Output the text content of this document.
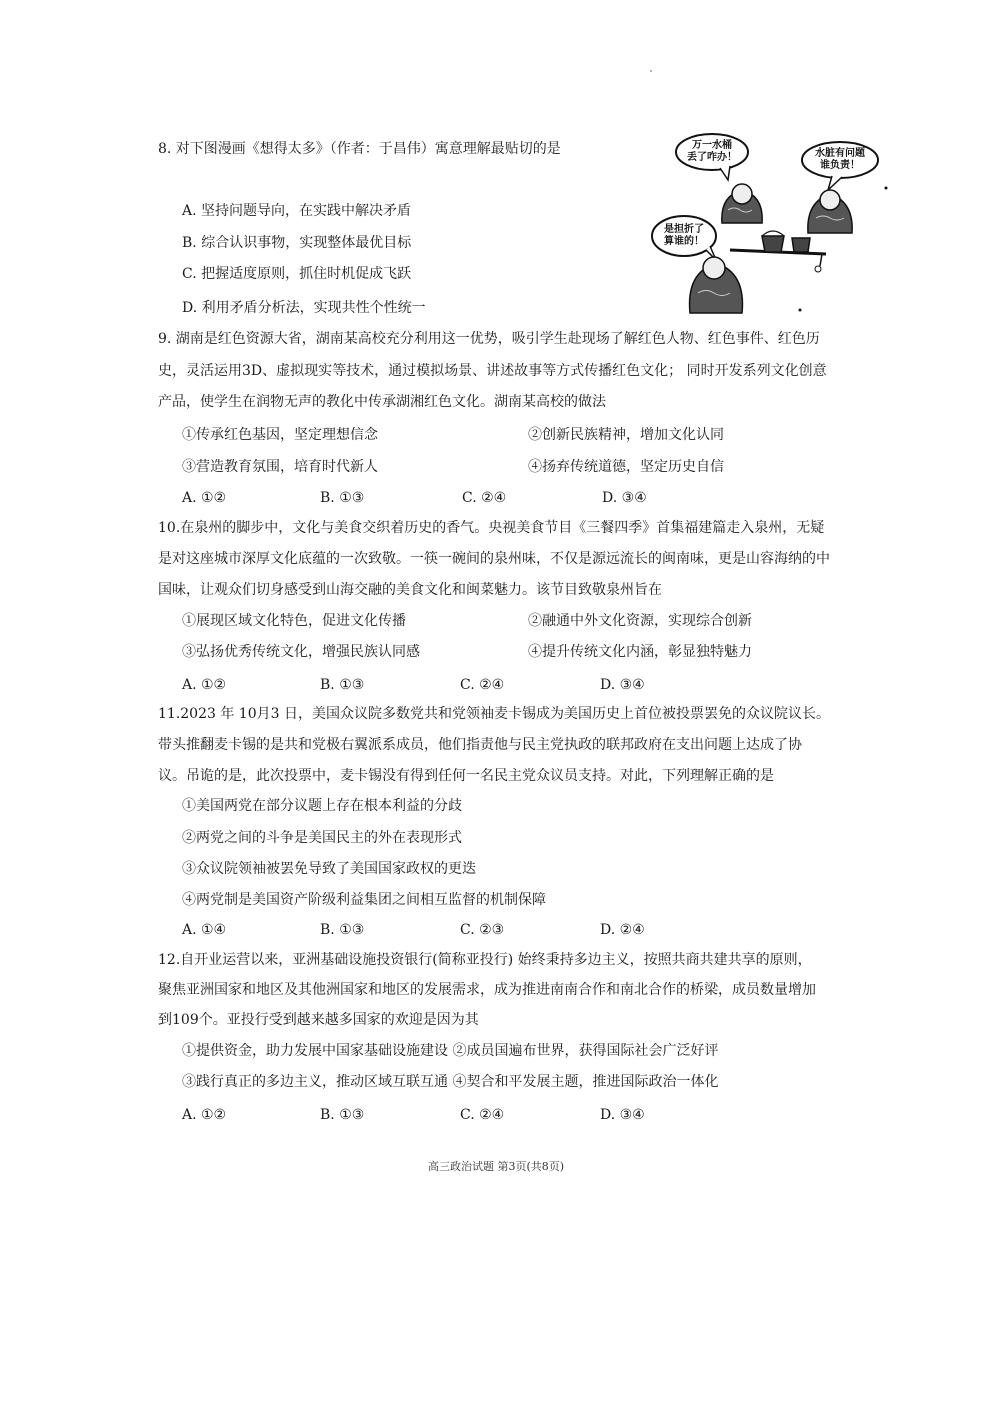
8. 对下图漫画《想得太多》（作者：于昌伟）寓意理解最贴切的是
A. 坚持问题导向，在实践中解决矛盾
B. 综合认识事物，实现整体最优目标
C. 把握适度原则，抓住时机促成飞跃
D. 利用矛盾分析法，实现共性个性统一
万一水桶
丢了咋办！	水脏有问题
谁负责！
是担折了
算谁的！
9. 湖南是红色资源大省，湖南某高校充分利用这一优势，吸引学生赴现场了解红色人物、红色事件、红色历
史，灵活运用3D、虚拟现实等技术，通过模拟场景、讲述故事等方式传播红色文化； 同时开发系列文化创意
产品，使学生在润物无声的教化中传承湖湘红色文化。湖南某高校的做法
①传承红色基因，坚定理想信念	②创新民族精神，增加文化认同
③营造教育氛围，培育时代新人	④扬弃传统道德，坚定历史自信
A. ①②	B. ①③	C. ②④	D. ③④
10.在泉州的脚步中，文化与美食交织着历史的香气。央视美食节目《三餐四季》首集福建篇走入泉州，无疑
是对这座城市深厚文化底蕴的一次致敬。一筷一碗间的泉州味，不仅是源远流长的闽南味，更是山容海纳的中
国味，让观众们切身感受到山海交融的美食文化和闽菜魅力。该节目致敬泉州旨在
①展现区域文化特色，促进文化传播	②融通中外文化资源，实现综合创新
③弘扬优秀传统文化，增强民族认同感	④提升传统文化内涵，彰显独特魅力
A. ①②	B. ①③	C. ②④	D. ③④
11.2023 年 10月3 日，美国众议院多数党共和党领袖麦卡锡成为美国历史上首位被投票罢免的众议院议长。
带头推翻麦卡锡的是共和党极右翼派系成员，他们指责他与民主党执政的联邦政府在支出问题上达成了协
议。吊诡的是，此次投票中，麦卡锡没有得到任何一名民主党众议员支持。对此，下列理解正确的是
①美国两党在部分议题上存在根本利益的分歧
②两党之间的斗争是美国民主的外在表现形式
③众议院领袖被罢免导致了美国国家政权的更迭
④两党制是美国资产阶级利益集团之间相互监督的机制保障
A. ①④	B. ①③	C. ②③	D. ②④
12.自开业运营以来，亚洲基础设施投资银行(简称亚投行) 始终秉持多边主义，按照共商共建共享的原则，
聚焦亚洲国家和地区及其他洲国家和地区的发展需求，成为推进南南合作和南北合作的桥梁，成员数量增加
到109个。亚投行受到越来越多国家的欢迎是因为其
①提供资金，助力发展中国家基础设施建设 ②成员国遍布世界，获得国际社会广泛好评
③践行真正的多边主义，推动区域互联互通 ④契合和平发展主题，推进国际政治一体化
A. ①②	B. ①③	C. ②④	D. ③④
高三政治试题 第3页(共8页)
